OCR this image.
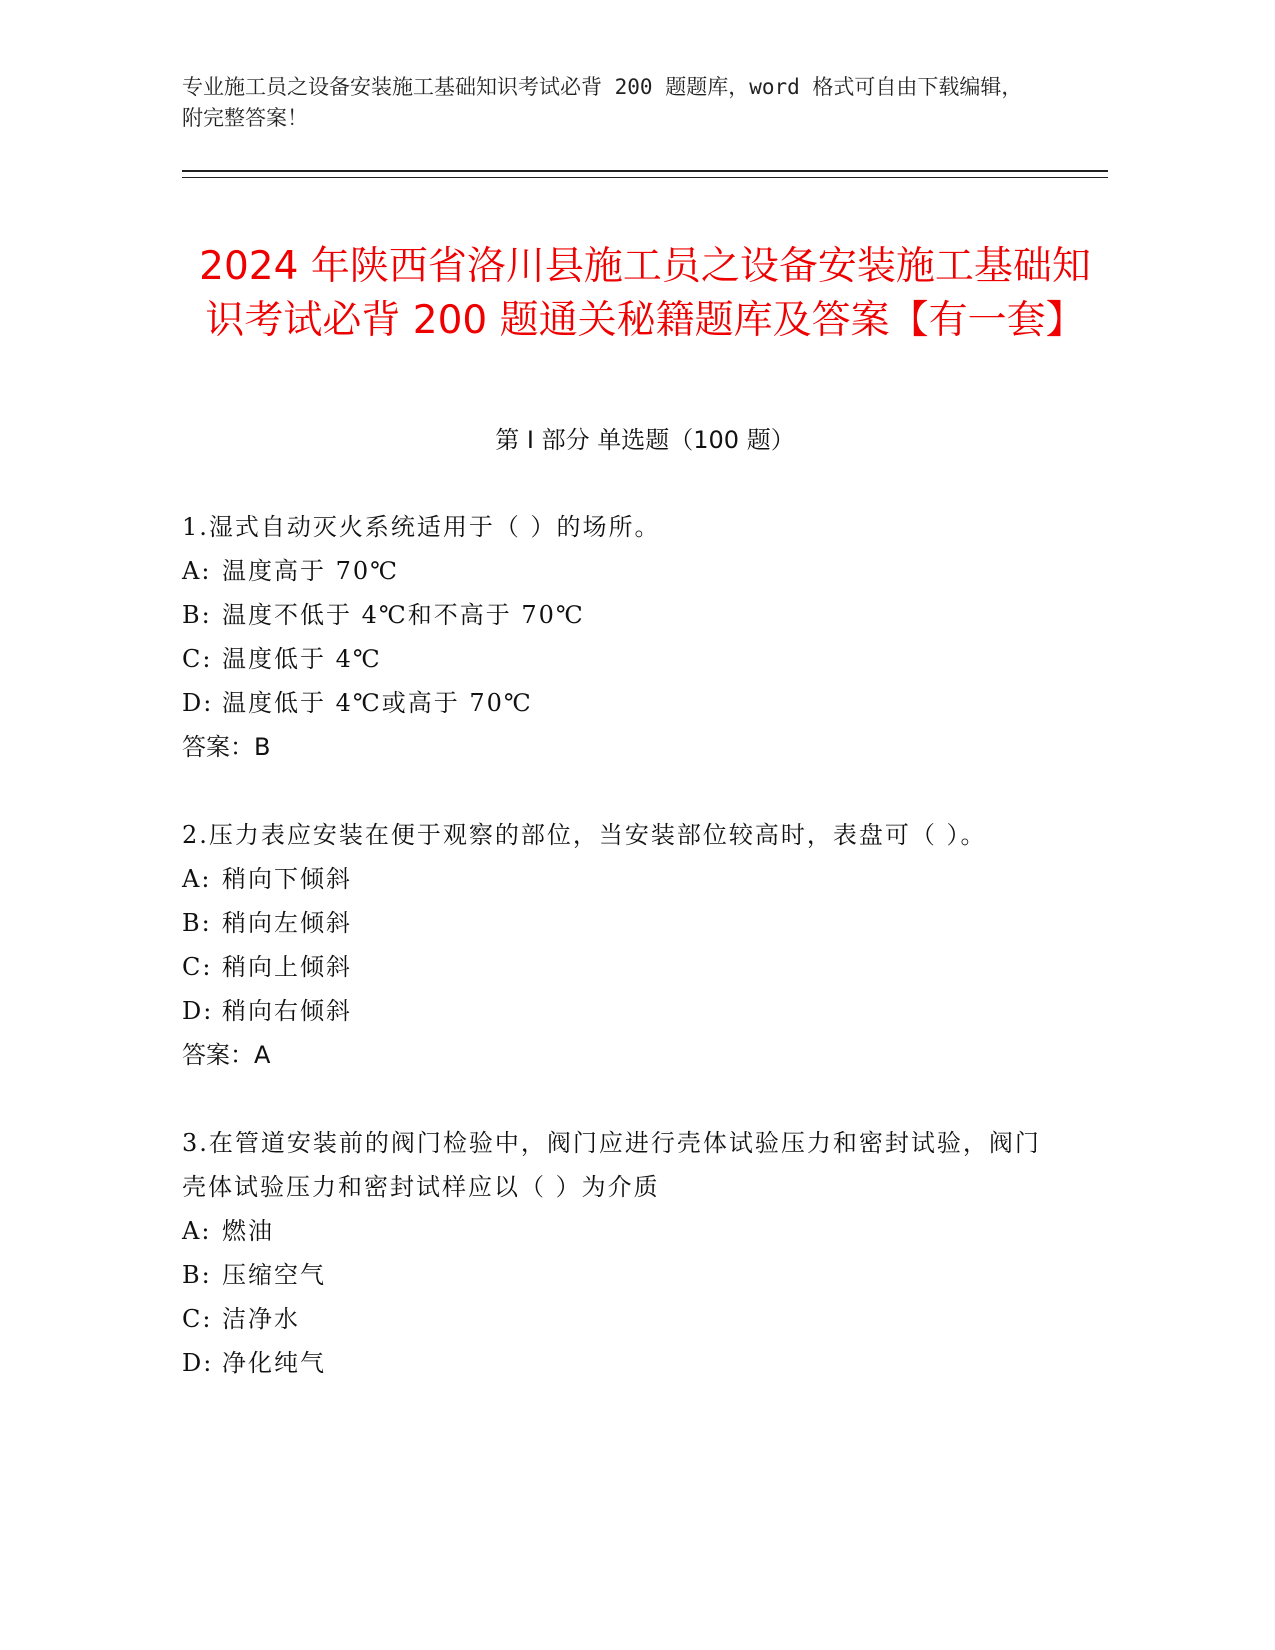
专业施工员之设备安装施工基础知识考试必背 200 题题库，word 格式可自由下载编辑，附完整答案！
2024 年陕西省洛川县施工员之设备安装施工基础知识考试必背 200 题通关秘籍题库及答案【有一套】
第 I 部分 单选题（100 题）
1.湿式自动灭火系统适用于（ ）的场所。
A: 温度高于 70℃
B: 温度不低于 4℃和不高于 70℃
C: 温度低于 4℃
D: 温度低于 4℃或高于 70℃
答案：B
2.压力表应安装在便于观察的部位，当安装部位较高时，表盘可（ ）。
A: 稍向下倾斜
B: 稍向左倾斜
C: 稍向上倾斜
D: 稍向右倾斜
答案：A
3.在管道安装前的阀门检验中，阀门应进行壳体试验压力和密封试验，阀门壳体试验压力和密封试样应以（ ）为介质
A: 燃油
B: 压缩空气
C: 洁净水
D: 净化纯气
